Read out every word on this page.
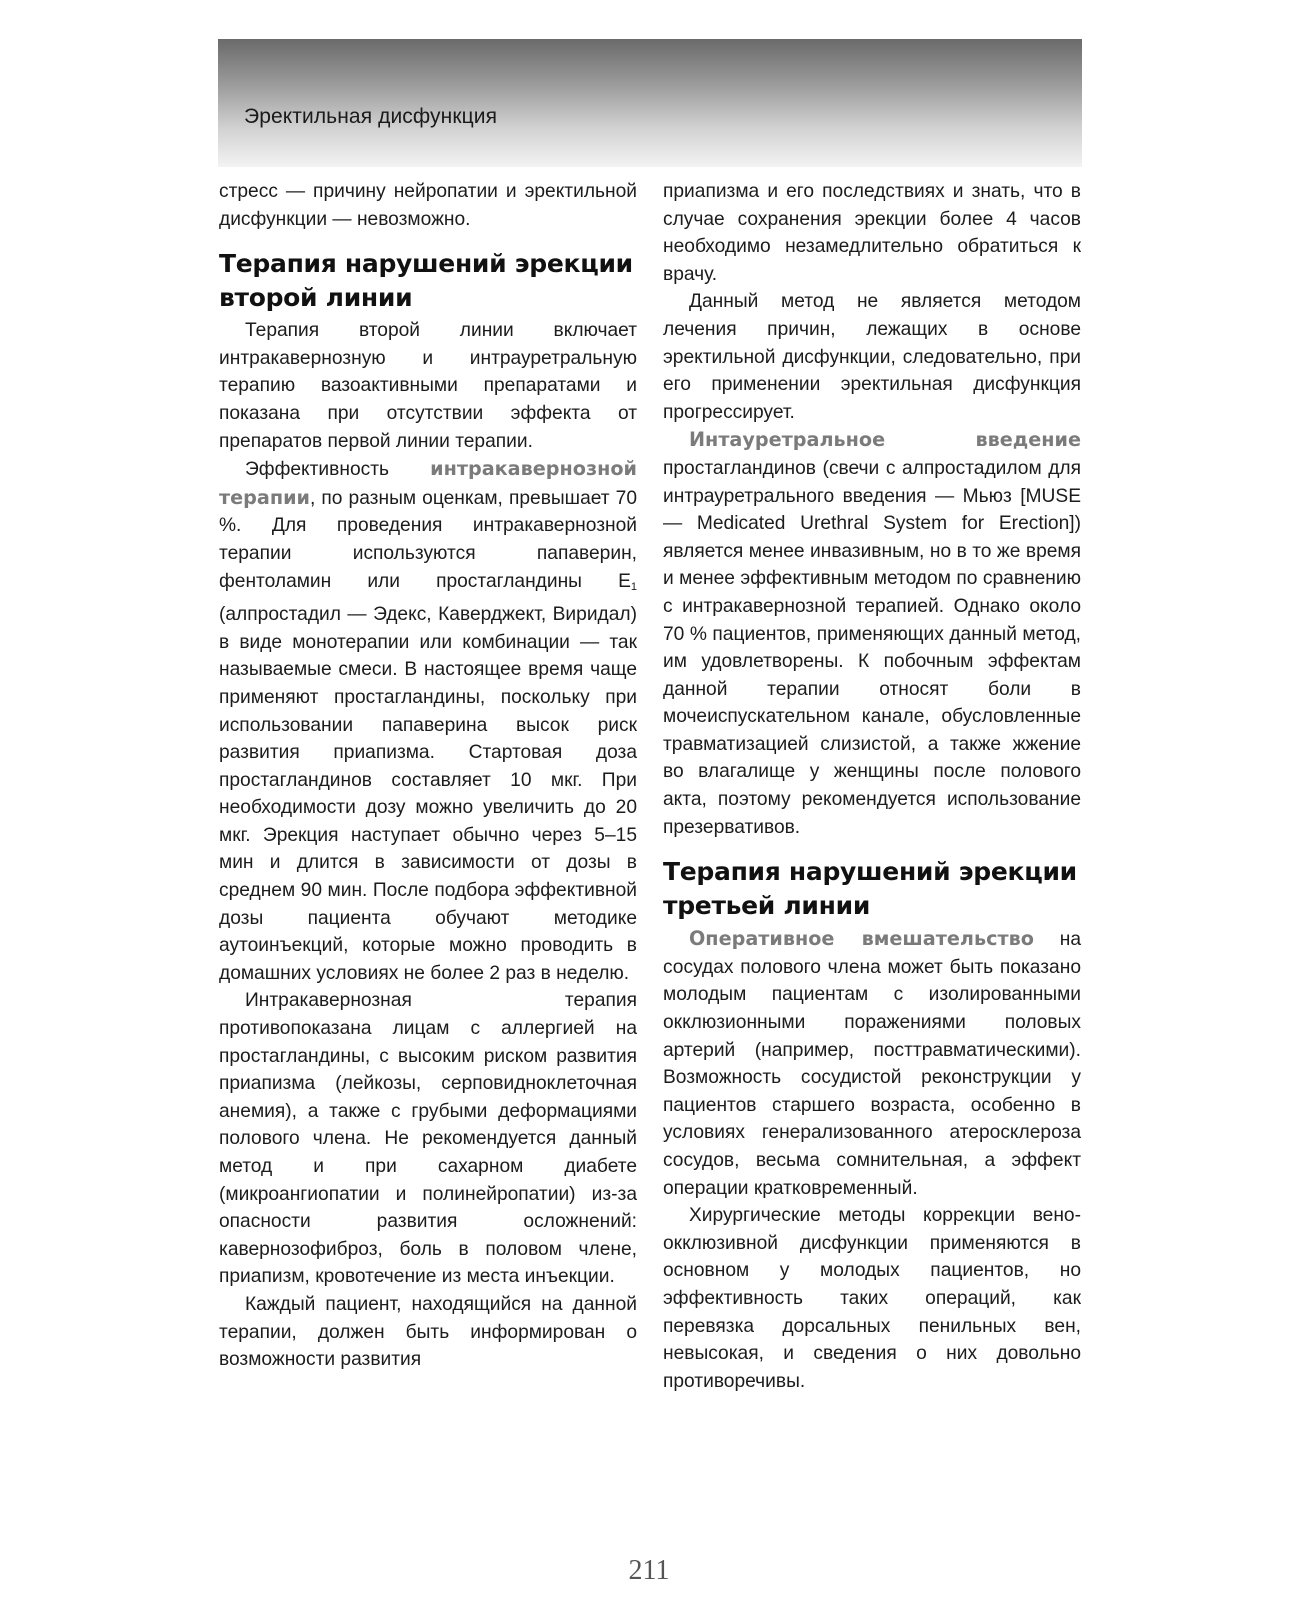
Эректильная дисфункция

стресс — причину нейропатии и эректильной дисфункции — невозможно.

Терапия нарушений эрекции второй линии

Терапия второй линии включает интракавернозную и интрауретральную терапию вазоактивными препаратами и показана при отсутствии эффекта от препаратов первой линии терапии.

Эффективность интракавернозной терапии, по разным оценкам, превышает 70 %. Для проведения интракавернозной терапии используются папаверин, фентоламин или простагландины $E_1$ (алпростадил — Эдекс, Каверджект, Виридал) в виде монотерапии или комбинации — так называемые смеси. В настоящее время чаще применяют простагландины, поскольку при использовании папаверина высок риск развития приапизма. Стартовая доза простагландинов составляет 10 мкг. При необходимости дозу можно увеличить до 20 мкг. Эрекция наступает обычно через 5–15 мин и длится в зависимости от дозы в среднем 90 мин. После подбора эффективной дозы пациента обучают методике аутоинъекций, которые можно проводить в домашних условиях не более 2 раз в неделю.

Интракавернозная терапия противопоказана лицам с аллергией на простагландины, с высоким риском развития приапизма (лейкозы, серповидноклеточная анемия), а также с грубыми деформациями полового члена. Не рекомендуется данный метод и при сахарном диабете (микроангиопатии и полинейропатии) из-за опасности развития осложнений: кавернозофиброз, боль в половом члене, приапизм, кровотечение из места инъекции.

Каждый пациент, находящийся на данной терапии, должен быть информирован о возможности развития

приапизма и его последствиях и знать, что в случае сохранения эрекции более 4 часов необходимо незамедлительно обратиться к врачу.

Данный метод не является методом лечения причин, лежащих в основе эректильной дисфункции, следовательно, при его применении эректильная дисфункция прогрессирует.

Интауретральное введение простагландинов (свечи с алпростадилом для интрауретрального введения — Мьюз [MUSE — Medicated Urethral System for Erection]) является менее инвазивным, но в то же время и менее эффективным методом по сравнению с интракавернозной терапией. Однако около 70 % пациентов, применяющих данный метод, им удовлетворены. К побочным эффектам данной терапии относят боли в мочеиспускательном канале, обусловленные травматизацией слизистой, а также жжение во влагалище у женщины после полового акта, поэтому рекомендуется использование презервативов.

Терапия нарушений эрекции третьей линии

Оперативное вмешательство на сосудах полового члена может быть показано молодым пациентам с изолированными окклюзионными поражениями половых артерий (например, посттравматическими). Возможность сосудистой реконструкции у пациентов старшего возраста, особенно в условиях генерализованного атеросклероза сосудов, весьма сомнительная, а эффект операции кратковременный.

Хирургические методы коррекции вено-окклюзивной дисфункции применяются в основном у молодых пациентов, но эффективность таких операций, как перевязка дорсальных пенильных вен, невысокая, и сведения о них довольно противоречивы.

211
